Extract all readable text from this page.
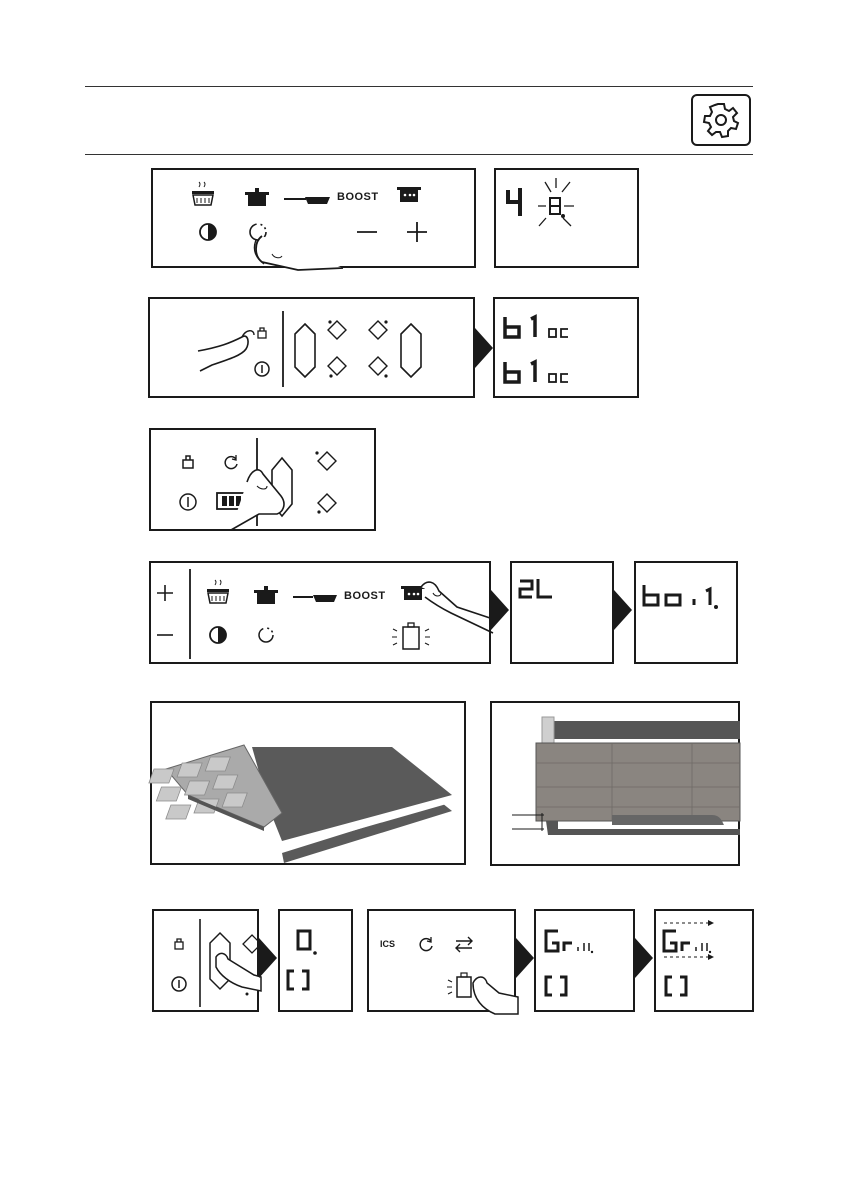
BOOST
BOOST
ICS
